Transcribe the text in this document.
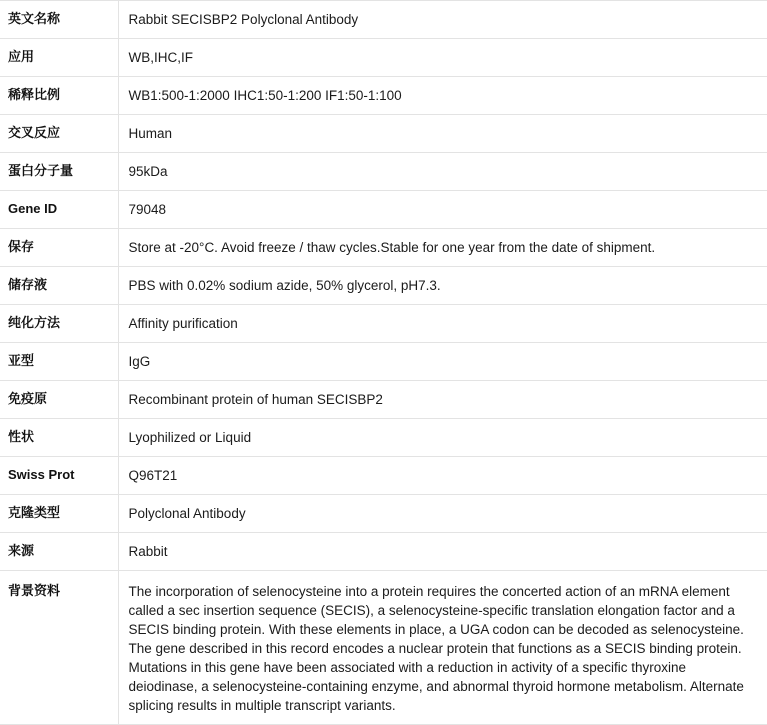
英文名称	Rabbit SECISBP2 Polyclonal Antibody
应用	WB,IHC,IF
稀释比例	WB1:500-1:2000 IHC1:50-1:200 IF1:50-1:100
交叉反应	Human
蛋白分子量	95kDa
Gene ID	79048
保存	Store at -20°C. Avoid freeze / thaw cycles.Stable for one year from the date of shipment.
储存液	PBS with 0.02% sodium azide, 50% glycerol, pH7.3.
纯化方法	Affinity purification
亚型	IgG
免疫原	Recombinant protein of human SECISBP2
性状	Lyophilized or Liquid
Swiss Prot	Q96T21
克隆类型	Polyclonal Antibody
来源	Rabbit
背景资料	The incorporation of selenocysteine into a protein requires the concerted action of an mRNA element called a sec insertion sequence (SECIS), a selenocysteine-specific translation elongation factor and a SECIS binding protein. With these elements in place, a UGA codon can be decoded as selenocysteine. The gene described in this record encodes a nuclear protein that functions as a SECIS binding protein. Mutations in this gene have been associated with a reduction in activity of a specific thyroxine deiodinase, a selenocysteine-containing enzyme, and abnormal thyroid hormone metabolism. Alternate splicing results in multiple transcript variants.
